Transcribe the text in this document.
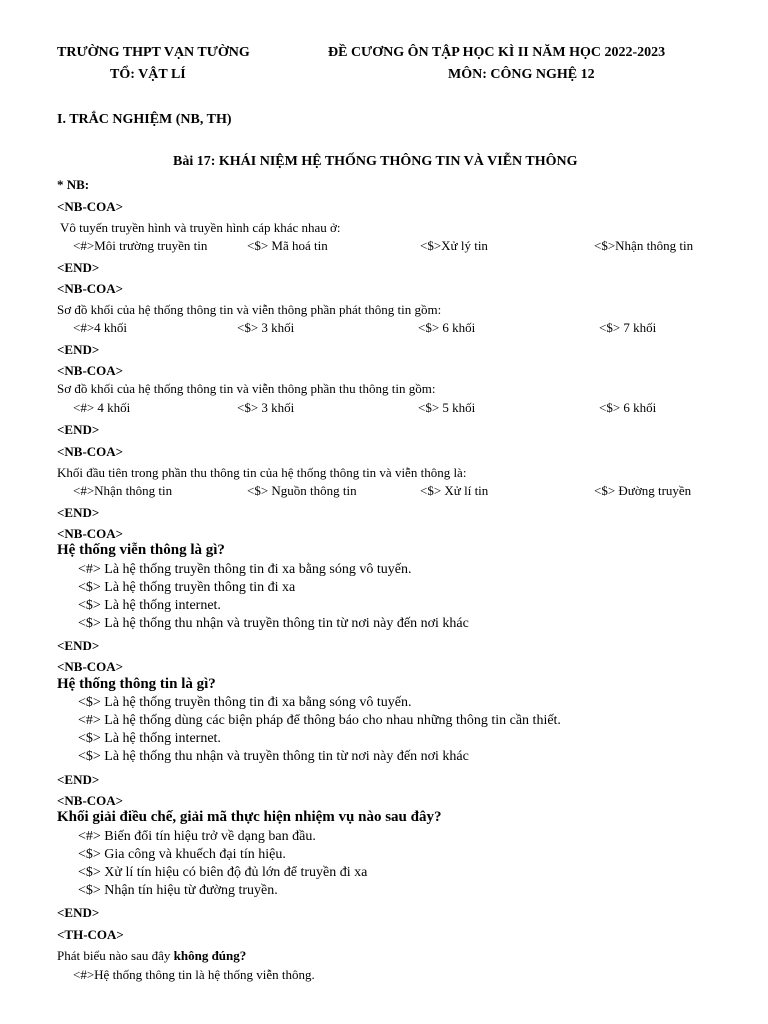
TRƯỜNG THPT VẠN TƯỜNG
TỔ: VẬT LÍ
ĐỀ CƯƠNG ÔN TẬP HỌC KÌ II NĂM HỌC 2022-2023
MÔN: CÔNG NGHỆ 12
I. TRẮC NGHIỆM (NB, TH)
Bài 17: KHÁI NIỆM HỆ THỐNG THÔNG TIN VÀ VIỄN THÔNG
* NB:
<NB-COA>
Vô tuyến truyền hình và truyền hình cáp khác nhau ở:
<#>Môi trường truyền tin	<$> Mã hoá tin	<$>Xử lý tin	<$>Nhận thông tin
<END>
<NB-COA>
Sơ đồ khối của hệ thống thông tin và viễn thông phần phát thông tin gồm:
<#>4 khối	<$> 3 khối	<$> 6 khối	<$> 7 khối
<END>
<NB-COA>
Sơ đồ khối của hệ thống thông tin và viễn thông phần thu thông tin gồm:
<#> 4 khối	<$> 3 khối	<$> 5 khối	<$> 6 khối
<END>
<NB-COA>
Khối đầu tiên trong phần thu thông tin của hệ thống thông tin và viễn thông là:
<#>Nhận thông tin	<$> Nguồn thông tin	<$> Xử lí tin	<$> Đường truyền
<END>
<NB-COA>
Hệ thống viễn thông là gì?
<#> Là hệ thống truyền thông tin đi xa bằng sóng vô tuyến.
<$> Là hệ thống truyền thông tin đi xa
<$> Là hệ thống internet.
<$> Là hệ thống thu nhận và truyền thông tin từ nơi này đến nơi khác
<END>
<NB-COA>
Hệ thống thông tin là gì?
<$> Là hệ thống truyền thông tin đi xa bằng sóng vô tuyến.
<#> Là hệ thống dùng các biện pháp để thông báo cho nhau những thông tin cần thiết.
<$> Là hệ thống internet.
<$> Là hệ thống thu nhận và truyền thông tin từ nơi này đến nơi khác
<END>
<NB-COA>
Khối giải điều chế, giải mã thực hiện nhiệm vụ nào sau đây?
<#> Biến đổi tín hiệu trở về dạng ban đầu.
<$> Gia công và khuếch đại tín hiệu.
<$> Xử lí tín hiệu có biên độ đủ lớn để truyền đi xa
<$> Nhận tín hiệu từ đường truyền.
<END>
<TH-COA>
Phát biểu nào sau đây không đúng?
<#>Hệ thống thông tin là hệ thống viễn thông.
